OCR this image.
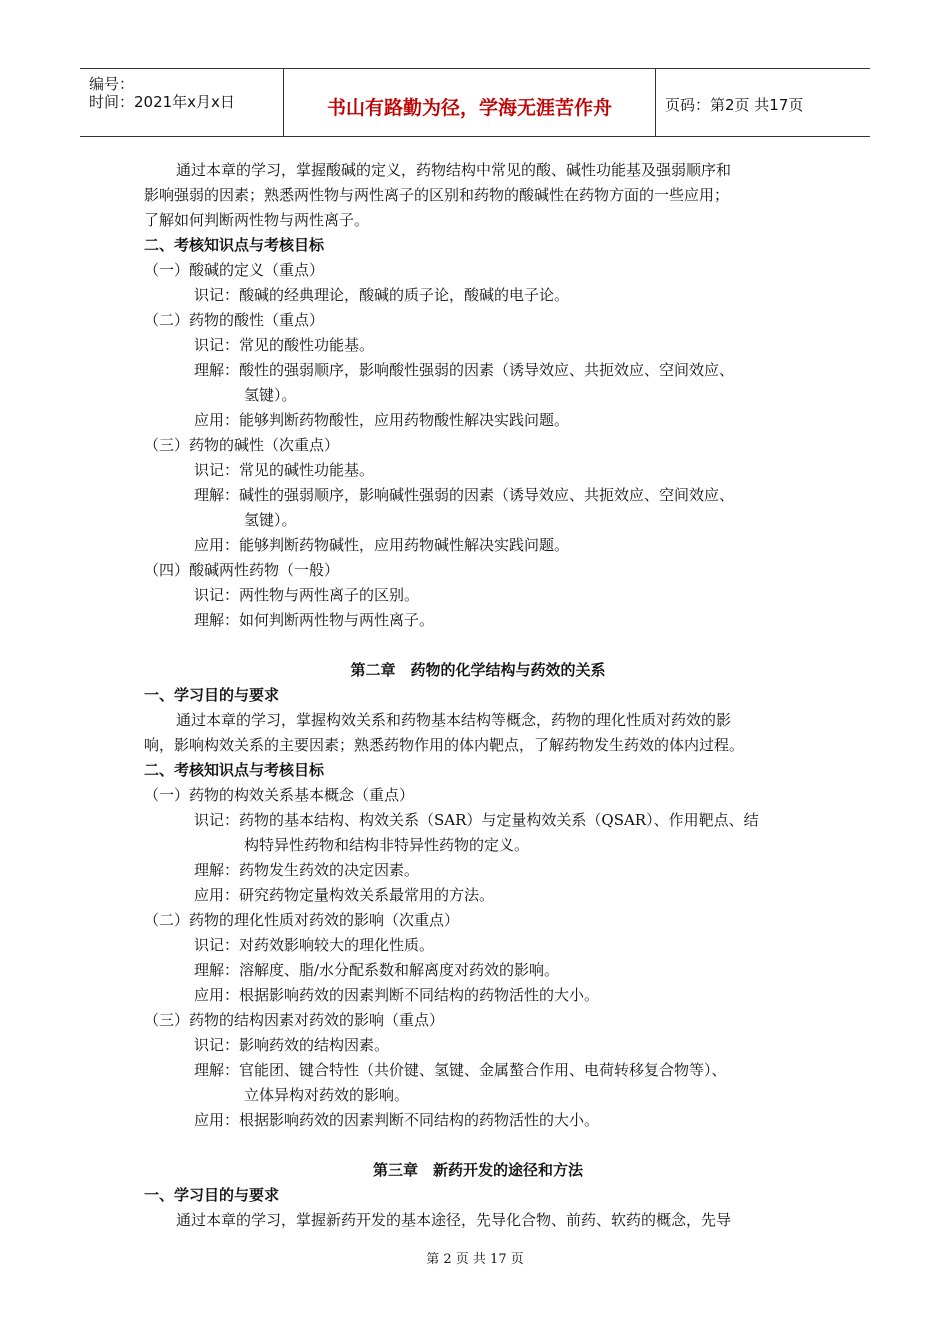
编号：
时间：2021年x月x日	书山有路勤为径，学海无涯苦作舟	页码：第2页 共17页
通过本章的学习，掌握酸碱的定义，药物结构中常见的酸、碱性功能基及强弱顺序和
影响强弱的因素；熟悉两性物与两性离子的区别和药物的酸碱性在药物方面的一些应用；
了解如何判断两性物与两性离子。
二、考核知识点与考核目标
（一）酸碱的定义（重点）
识记：酸碱的经典理论，酸碱的质子论，酸碱的电子论。
（二）药物的酸性（重点）
识记：常见的酸性功能基。
理解：酸性的强弱顺序，影响酸性强弱的因素（诱导效应、共扼效应、空间效应、
氢键）。
应用：能够判断药物酸性，应用药物酸性解决实践问题。
（三）药物的碱性（次重点）
识记：常见的碱性功能基。
理解：碱性的强弱顺序，影响碱性强弱的因素（诱导效应、共扼效应、空间效应、
氢键）。
应用：能够判断药物碱性，应用药物碱性解决实践问题。
（四）酸碱两性药物（一般）
识记：两性物与两性离子的区别。
理解：如何判断两性物与两性离子。
第二章　药物的化学结构与药效的关系
一、学习目的与要求
通过本章的学习，掌握构效关系和药物基本结构等概念，药物的理化性质对药效的影
响，影响构效关系的主要因素；熟悉药物作用的体内靶点，了解药物发生药效的体内过程。
二、考核知识点与考核目标
（一）药物的构效关系基本概念（重点）
识记：药物的基本结构、构效关系（SAR）与定量构效关系（QSAR）、作用靶点、结
构特异性药物和结构非特异性药物的定义。
理解：药物发生药效的决定因素。
应用：研究药物定量构效关系最常用的方法。
（二）药物的理化性质对药效的影响（次重点）
识记：对药效影响较大的理化性质。
理解：溶解度、脂/水分配系数和解离度对药效的影响。
应用：根据影响药效的因素判断不同结构的药物活性的大小。
（三）药物的结构因素对药效的影响（重点）
识记：影响药效的结构因素。
理解：官能团、键合特性（共价键、氢键、金属螯合作用、电荷转移复合物等）、
立体异构对药效的影响。
应用：根据影响药效的因素判断不同结构的药物活性的大小。
第三章　新药开发的途径和方法
一、学习目的与要求
通过本章的学习，掌握新药开发的基本途径，先导化合物、前药、软药的概念，先导
第 2 页 共 17 页
